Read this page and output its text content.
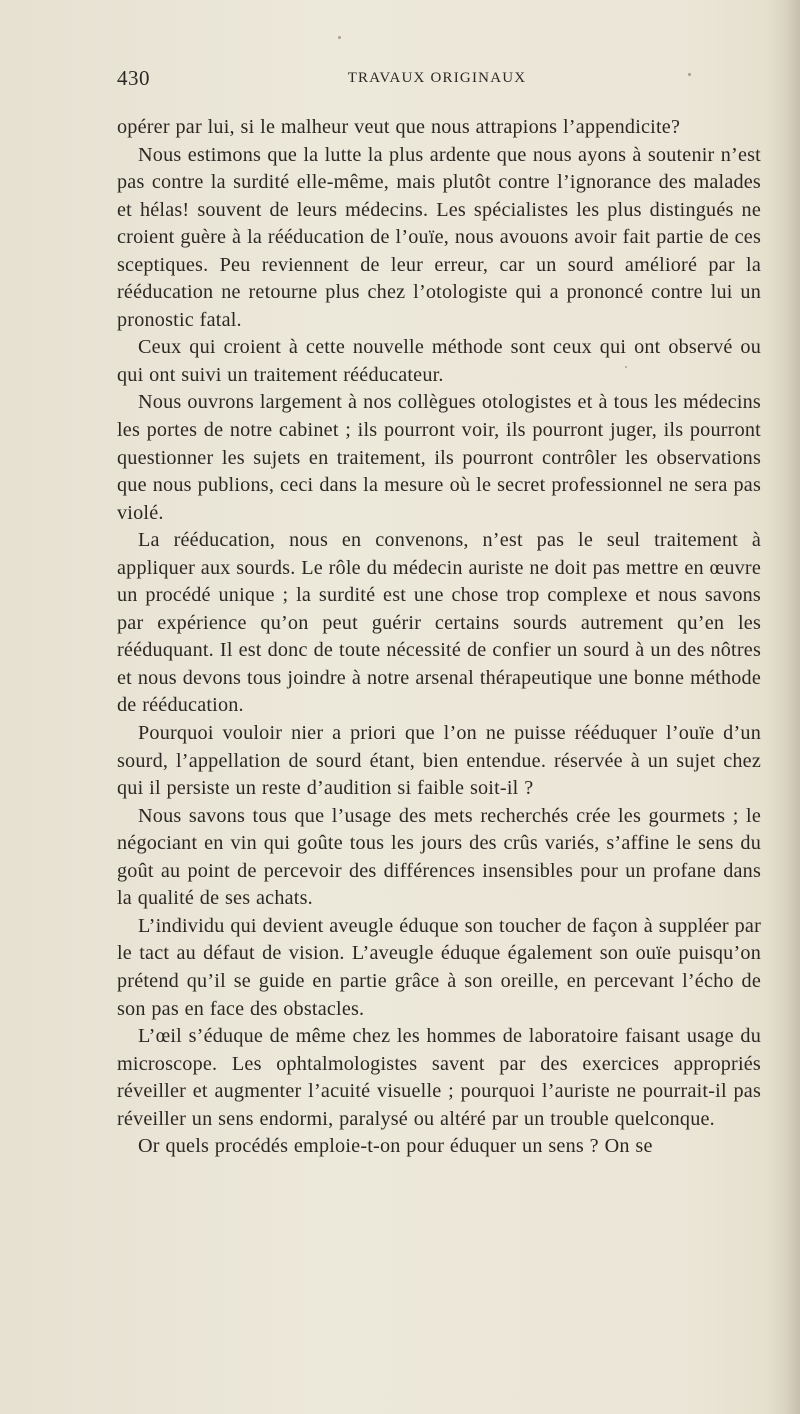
430	TRAVAUX ORIGINAUX

opérer par lui, si le malheur veut que nous attrapions l’appendicite?

Nous estimons que la lutte la plus ardente que nous ayons à soutenir n’est pas contre la surdité elle-même, mais plutôt contre l’ignorance des malades et hélas! souvent de leurs médecins. Les spécialistes les plus distingués ne croient guère à la rééducation de l’ouïe, nous avouons avoir fait partie de ces sceptiques. Peu reviennent de leur erreur, car un sourd amélioré par la rééducation ne retourne plus chez l’otologiste qui a prononcé contre lui un pronostic fatal.

Ceux qui croient à cette nouvelle méthode sont ceux qui ont observé ou qui ont suivi un traitement rééducateur.

Nous ouvrons largement à nos collègues otologistes et à tous les médecins les portes de notre cabinet ; ils pourront voir, ils pourront juger, ils pourront questionner les sujets en traitement, ils pourront contrôler les observations que nous publions, ceci dans la mesure où le secret professionnel ne sera pas violé.

La rééducation, nous en convenons, n’est pas le seul traitement à appliquer aux sourds. Le rôle du médecin auriste ne doit pas mettre en œuvre un procédé unique ; la surdité est une chose trop complexe et nous savons par expérience qu’on peut guérir certains sourds autrement qu’en les rééduquant. Il est donc de toute nécessité de confier un sourd à un des nôtres et nous devons tous joindre à notre arsenal thérapeutique une bonne méthode de rééducation.

Pourquoi vouloir nier a priori que l’on ne puisse rééduquer l’ouïe d’un sourd, l’appellation de sourd étant, bien entendue. réservée à un sujet chez qui il persiste un reste d’audition si faible soit-il ?

Nous savons tous que l’usage des mets recherchés crée les gourmets ; le négociant en vin qui goûte tous les jours des crûs variés, s’affine le sens du goût au point de percevoir des différences insensibles pour un profane dans la qualité de ses achats.

L’individu qui devient aveugle éduque son toucher de façon à suppléer par le tact au défaut de vision. L’aveugle éduque également son ouïe puisqu’on prétend qu’il se guide en partie grâce à son oreille, en percevant l’écho de son pas en face des obstacles.

L’œil s’éduque de même chez les hommes de laboratoire faisant usage du microscope. Les ophtalmologistes savent par des exercices appropriés réveiller et augmenter l’acuité visuelle ; pourquoi l’auriste ne pourrait-il pas réveiller un sens endormi, paralysé ou altéré par un trouble quelconque.

Or quels procédés emploie-t-on pour éduquer un sens ? On se
